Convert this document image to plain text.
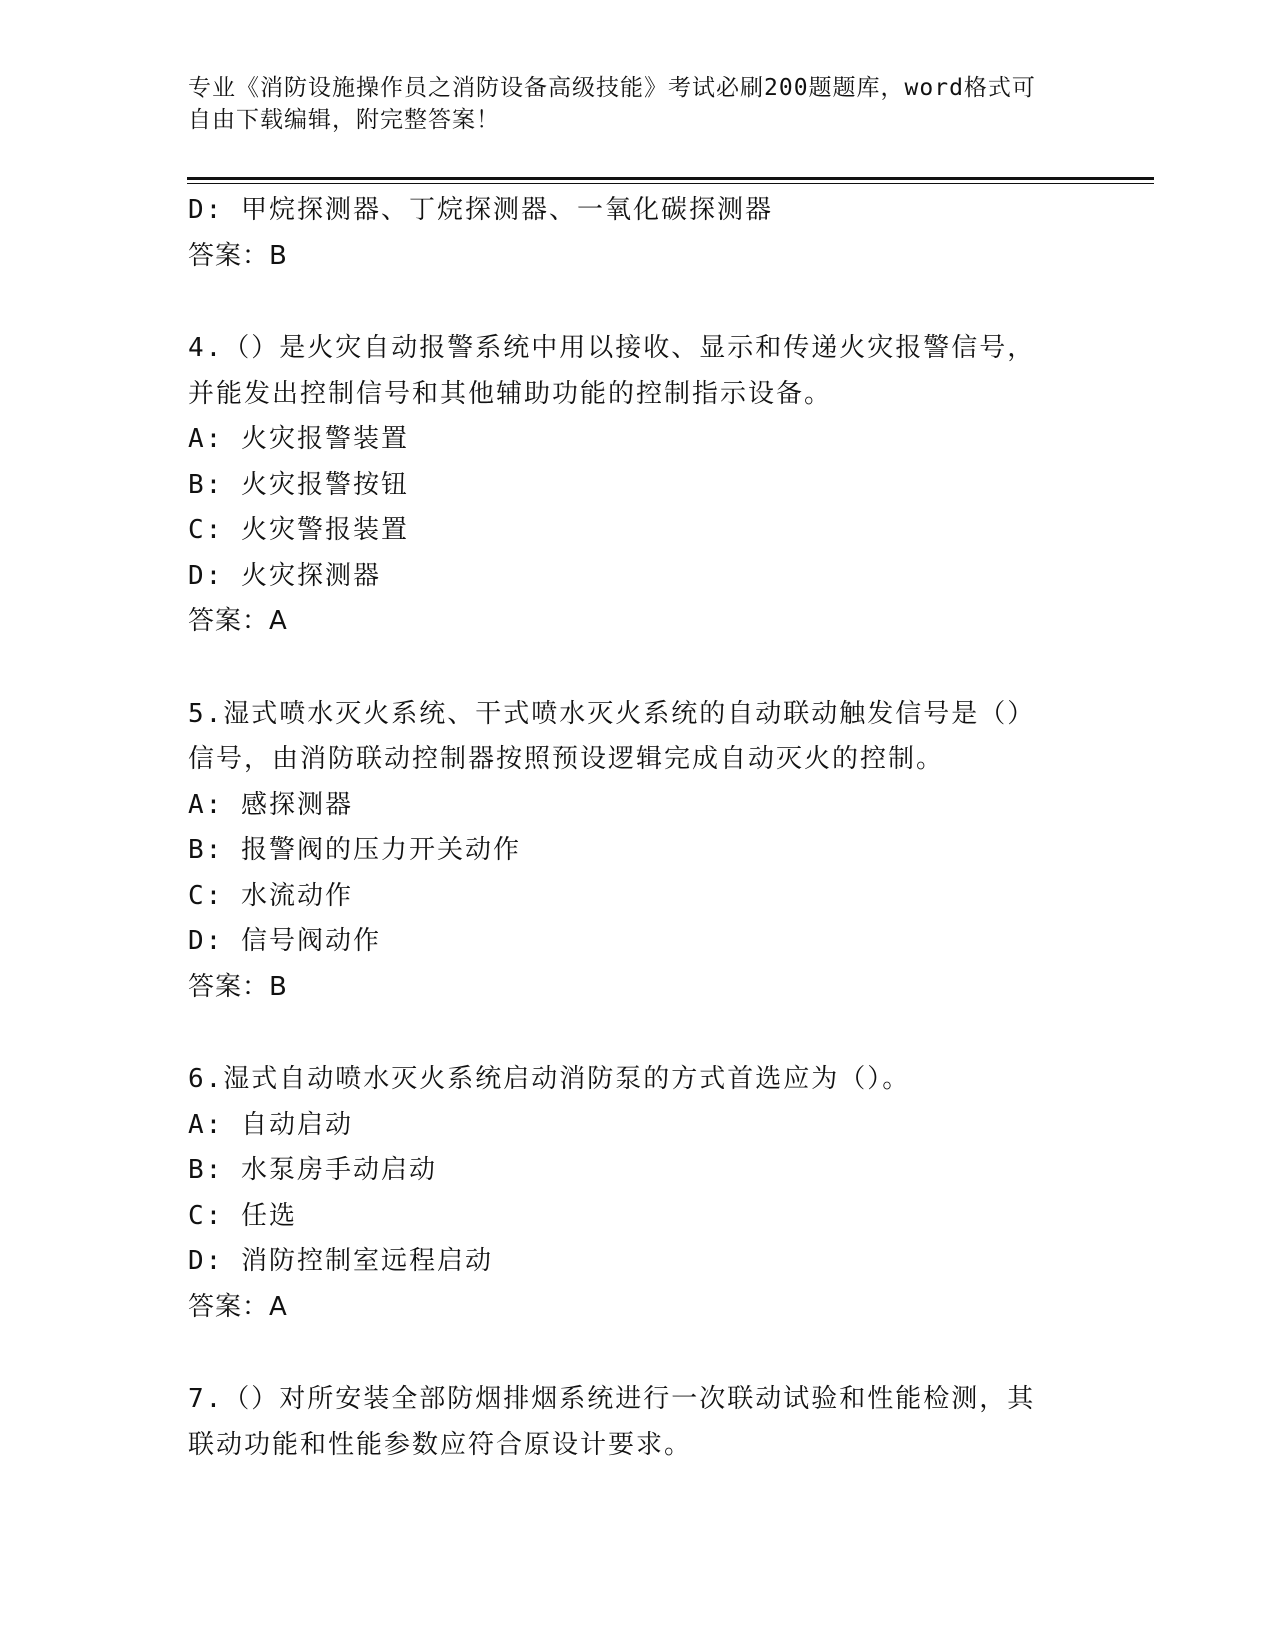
专业《消防设施操作员之消防设备高级技能》考试必刷200题题库，word格式可
自由下载编辑，附完整答案！

D: 甲烷探测器、丁烷探测器、一氧化碳探测器

答案：B

4.（）是火灾自动报警系统中用以接收、显示和传递火灾报警信号，

并能发出控制信号和其他辅助功能的控制指示设备。

A: 火灾报警装置

B: 火灾报警按钮

C: 火灾警报装置

D: 火灾探测器

答案：A

5.湿式喷水灭火系统、干式喷水灭火系统的自动联动触发信号是（）

信号，由消防联动控制器按照预设逻辑完成自动灭火的控制。

A: 感探测器

B: 报警阀的压力开关动作

C: 水流动作

D: 信号阀动作

答案：B

6.湿式自动喷水灭火系统启动消防泵的方式首选应为（）。

A: 自动启动

B: 水泵房手动启动

C: 任选

D: 消防控制室远程启动

答案：A

7.（）对所安装全部防烟排烟系统进行一次联动试验和性能检测，其

联动功能和性能参数应符合原设计要求。
